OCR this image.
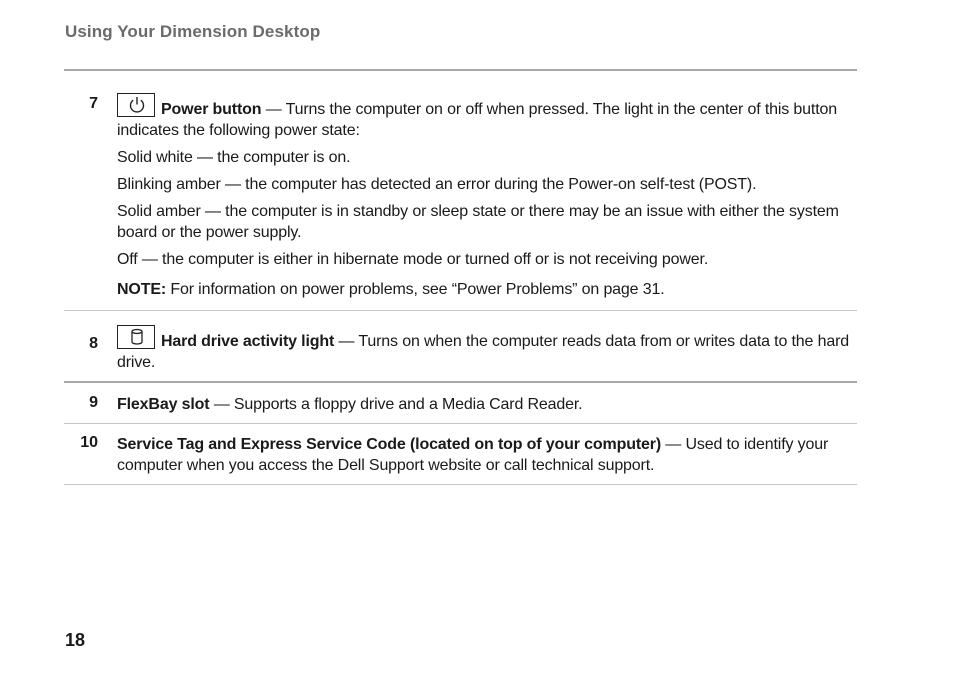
Using Your Dimension Desktop
7	Power button — Turns the computer on or off when pressed. The light in the center of this button indicates the following power state:

Solid white — the computer is on.

Blinking amber — the computer has detected an error during the Power-on self-test (POST).

Solid amber — the computer is in standby or sleep state or there may be an issue with either the system board or the power supply.

Off — the computer is either in hibernate mode or turned off or is not receiving power.

NOTE: For information on power problems, see “Power Problems” on page 31.

8	Hard drive activity light — Turns on when the computer reads data from or writes data to the hard drive.

9 FlexBay slot — Supports a floppy drive and a Media Card Reader.

10 Service Tag and Express Service Code (located on top of your computer) — Used to identify your computer when you access the Dell Support website or call technical support.

18
